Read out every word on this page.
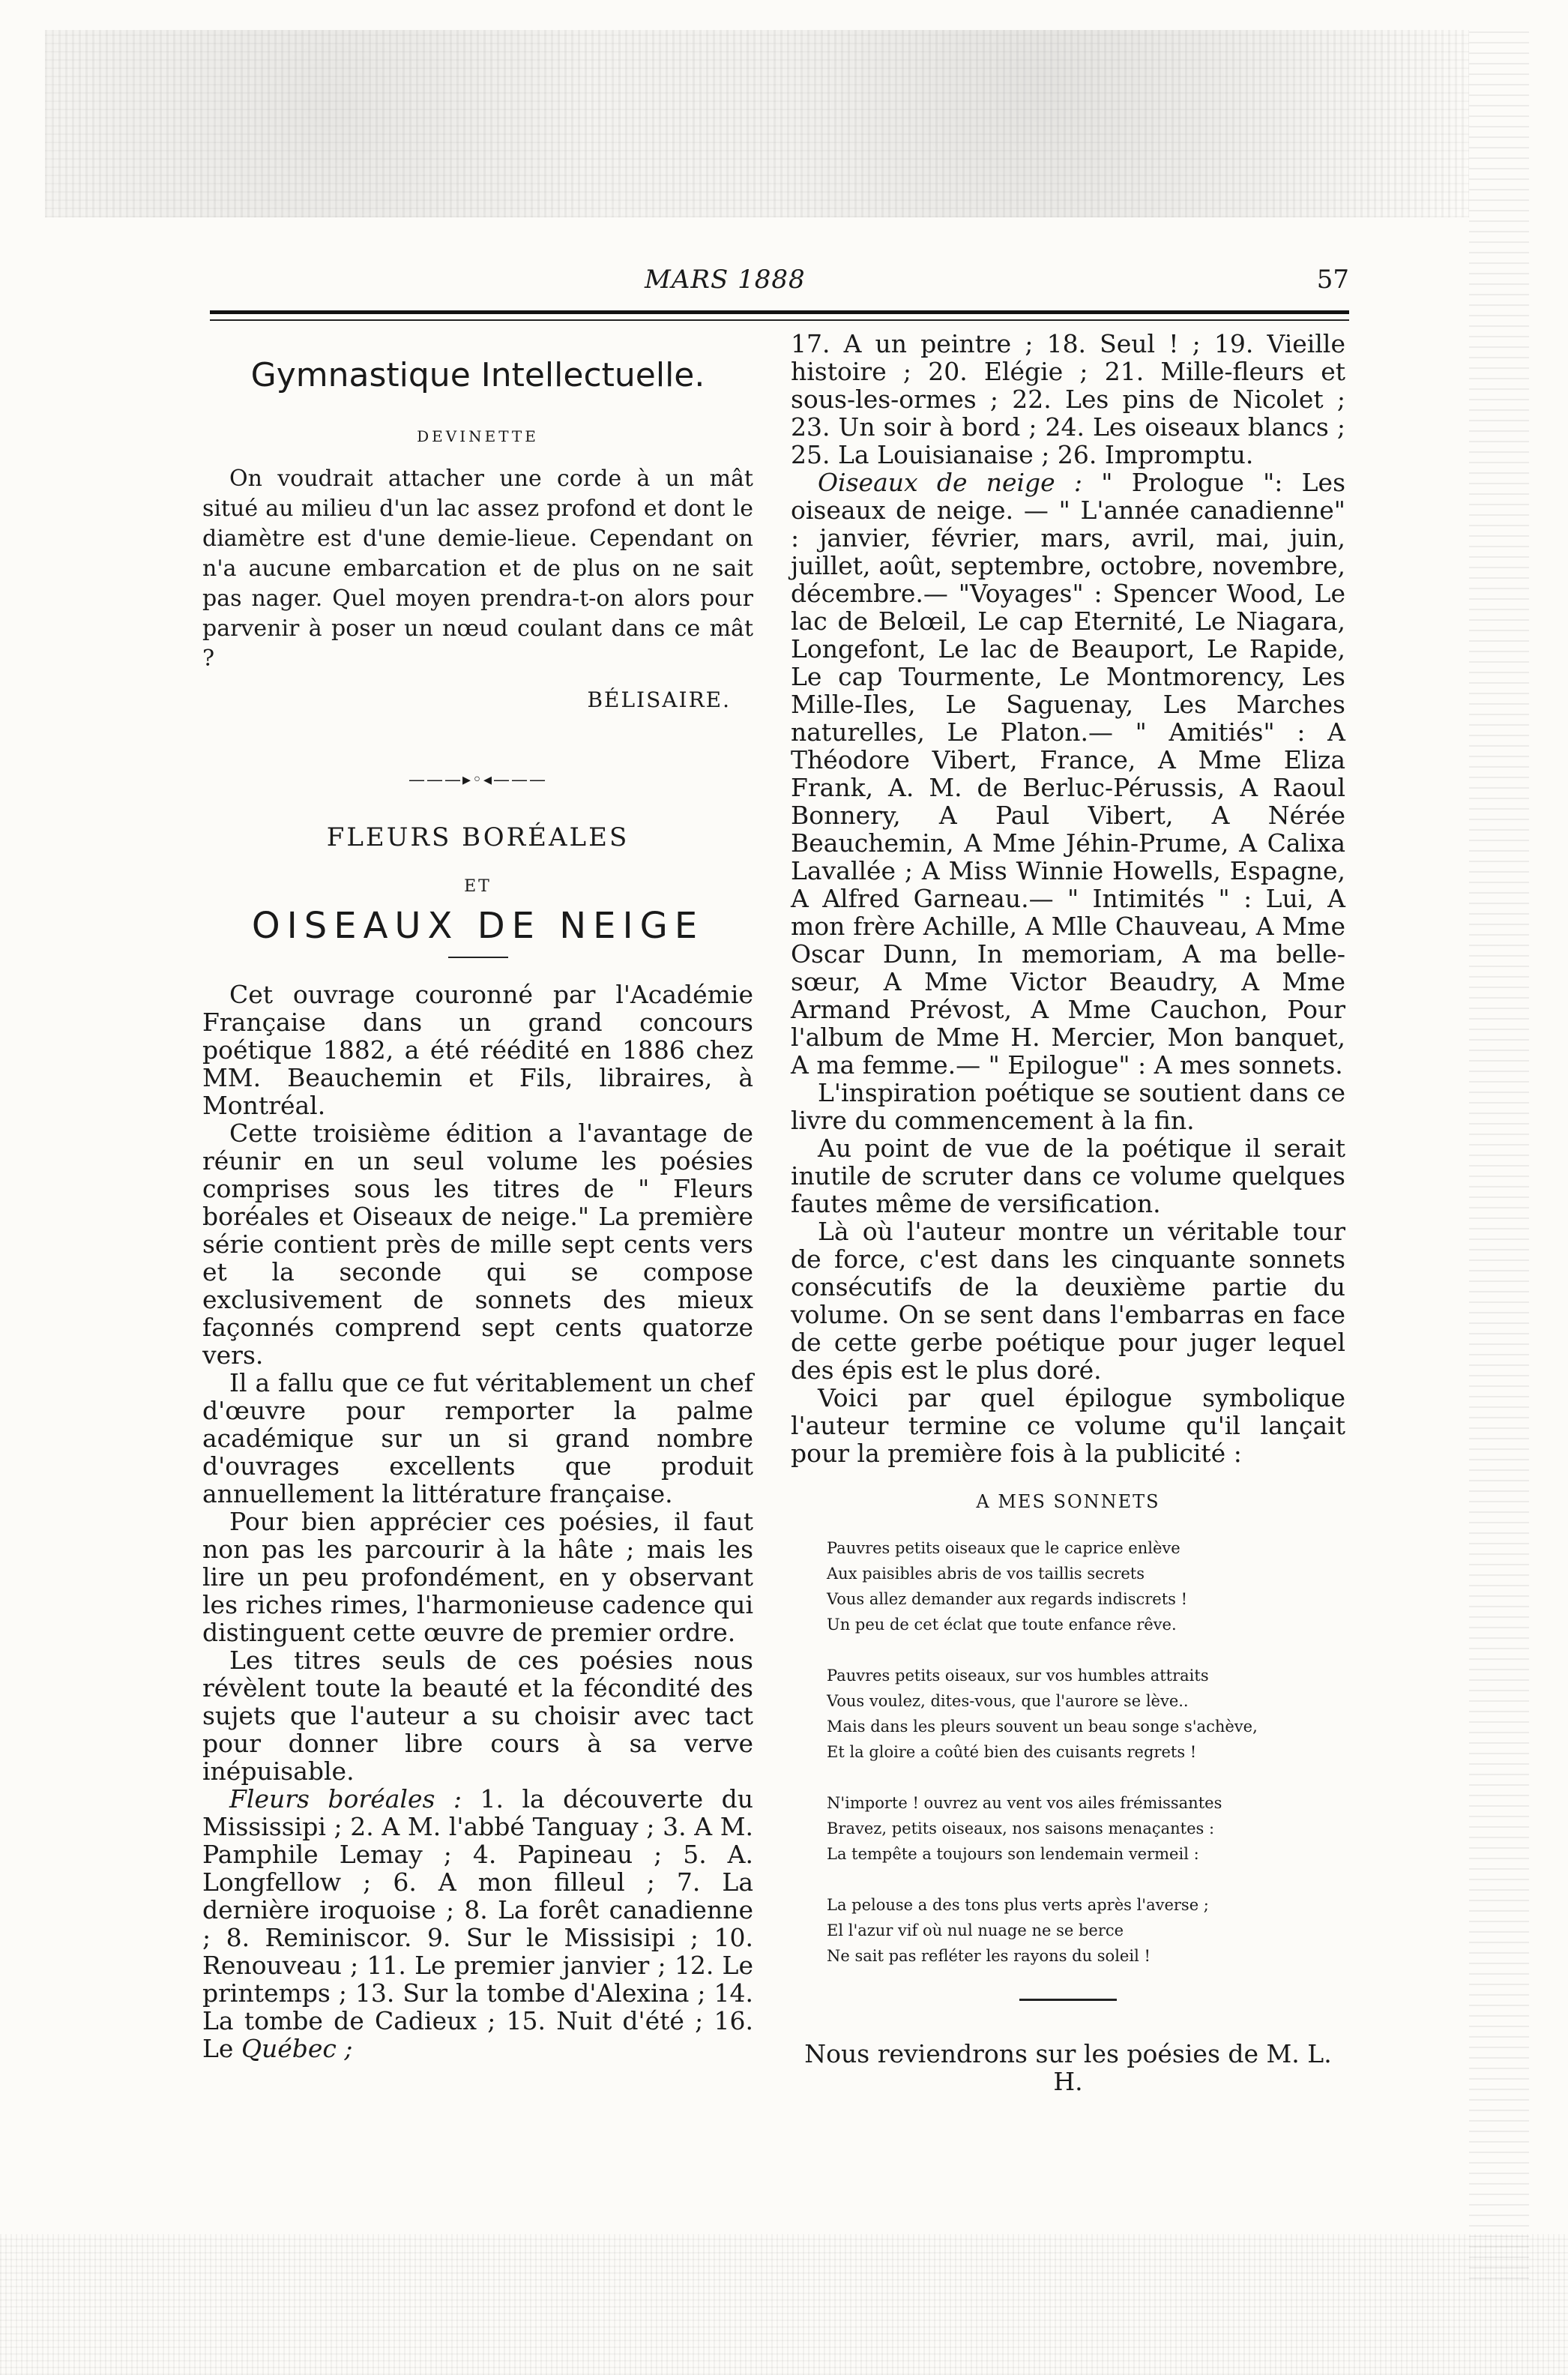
MARS 1888	57
Gymnastique Intellectuelle.
DEVINETTE

On voudrait attacher une corde à un mât situé au milieu d'un lac assez profond et dont le diamètre est d'une demie-lieue. Cependant on n'a aucune embarcation et de plus on ne sait pas nager. Quel moyen prendra-t-on alors pour parvenir à poser un nœud coulant dans ce mât ?

BÉLISAIRE.
———▸◦◂———
FLEURS BORÉALES
ET
OISEAUX DE NEIGE

Cet ouvrage couronné par l'Académie Française dans un grand concours poétique 1882, a été réédité en 1886 chez MM. Beauchemin et Fils, libraires, à Montréal.

Cette troisième édition a l'avantage de réunir en un seul volume les poésies comprises sous les titres de " Fleurs boréales et Oiseaux de neige." La première série contient près de mille sept cents vers et la seconde qui se compose exclusivement de sonnets des mieux façonnés comprend sept cents quatorze vers.

Il a fallu que ce fut véritablement un chef d'œuvre pour remporter la palme académique sur un si grand nombre d'ouvrages excellents que produit annuellement la littérature française.

Pour bien apprécier ces poésies, il faut non pas les parcourir à la hâte ; mais les lire un peu profondément, en y observant les riches rimes, l'harmonieuse cadence qui distinguent cette œuvre de premier ordre.

Les titres seuls de ces poésies nous révèlent toute la beauté et la fécondité des sujets que l'auteur a su choisir avec tact pour donner libre cours à sa verve inépuisable.

Fleurs boréales : 1. la découverte du Mississipi ; 2. A M. l'abbé Tanguay ; 3. A M. Pamphile Lemay ; 4. Papineau ; 5. A. Longfellow ; 6. A mon filleul ; 7. La dernière iroquoise ; 8. La forêt canadienne ; 8. Reminiscor. 9. Sur le Missisipi ; 10. Renouveau ; 11. Le premier janvier ; 12. Le printemps ; 13. Sur la tombe d'Alexina ; 14. La tombe de Cadieux ; 15. Nuit d'été ; 16. Le Québec ;

17. A un peintre ; 18. Seul ! ; 19. Vieille histoire ; 20. Elégie ; 21. Mille-fleurs et sous-les-ormes ; 22. Les pins de Nicolet ; 23. Un soir à bord ; 24. Les oiseaux blancs ; 25. La Louisianaise ; 26. Impromptu.

Oiseaux de neige : " Prologue ": Les oiseaux de neige. — " L'année canadienne" : janvier, février, mars, avril, mai, juin, juillet, août, septembre, octobre, novembre, décembre.— "Voyages" : Spencer Wood, Le lac de Belœil, Le cap Eternité, Le Niagara, Longefont, Le lac de Beauport, Le Rapide, Le cap Tourmente, Le Montmorency, Les Mille-Iles, Le Saguenay, Les Marches naturelles, Le Platon.— " Amitiés" : A Théodore Vibert, France, A Mme Eliza Frank, A. M. de Berluc-Pérussis, A Raoul Bonnery, A Paul Vibert, A Nérée Beauchemin, A Mme Jéhin-Prume, A Calixa Lavallée ; A Miss Winnie Howells, Espagne, A Alfred Garneau.— " Intimités " : Lui, A mon frère Achille, A Mlle Chauveau, A Mme Oscar Dunn, In memoriam, A ma belle-sœur, A Mme Victor Beaudry, A Mme Armand Prévost, A Mme Cauchon, Pour l'album de Mme H. Mercier, Mon banquet, A ma femme.— " Epilogue" : A mes sonnets.

L'inspiration poétique se soutient dans ce livre du commencement à la fin.

Au point de vue de la poétique il serait inutile de scruter dans ce volume quelques fautes même de versification.

Là où l'auteur montre un véritable tour de force, c'est dans les cinquante sonnets consécutifs de la deuxième partie du volume. On se sent dans l'embarras en face de cette gerbe poétique pour juger lequel des épis est le plus doré.

Voici par quel épilogue symbolique l'auteur termine ce volume qu'il lançait pour la première fois à la publicité :

A MES SONNETS
Pauvres petits oiseaux que le caprice enlève
Aux paisibles abris de vos taillis secrets
Vous allez demander aux regards indiscrets !
Un peu de cet éclat que toute enfance rêve.
Pauvres petits oiseaux, sur vos humbles attraits
Vous voulez, dites-vous, que l'aurore se lève..
Mais dans les pleurs souvent un beau songe s'achève,
Et la gloire a coûté bien des cuisants regrets !
N'importe ! ouvrez au vent vos ailes frémissantes
Bravez, petits oiseaux, nos saisons menaçantes :
La tempête a toujours son lendemain vermeil :
La pelouse a des tons plus verts après l'averse ;
El l'azur vif où nul nuage ne se berce
Ne sait pas refléter les rayons du soleil !
Nous reviendrons sur les poésies de M. L. H.
